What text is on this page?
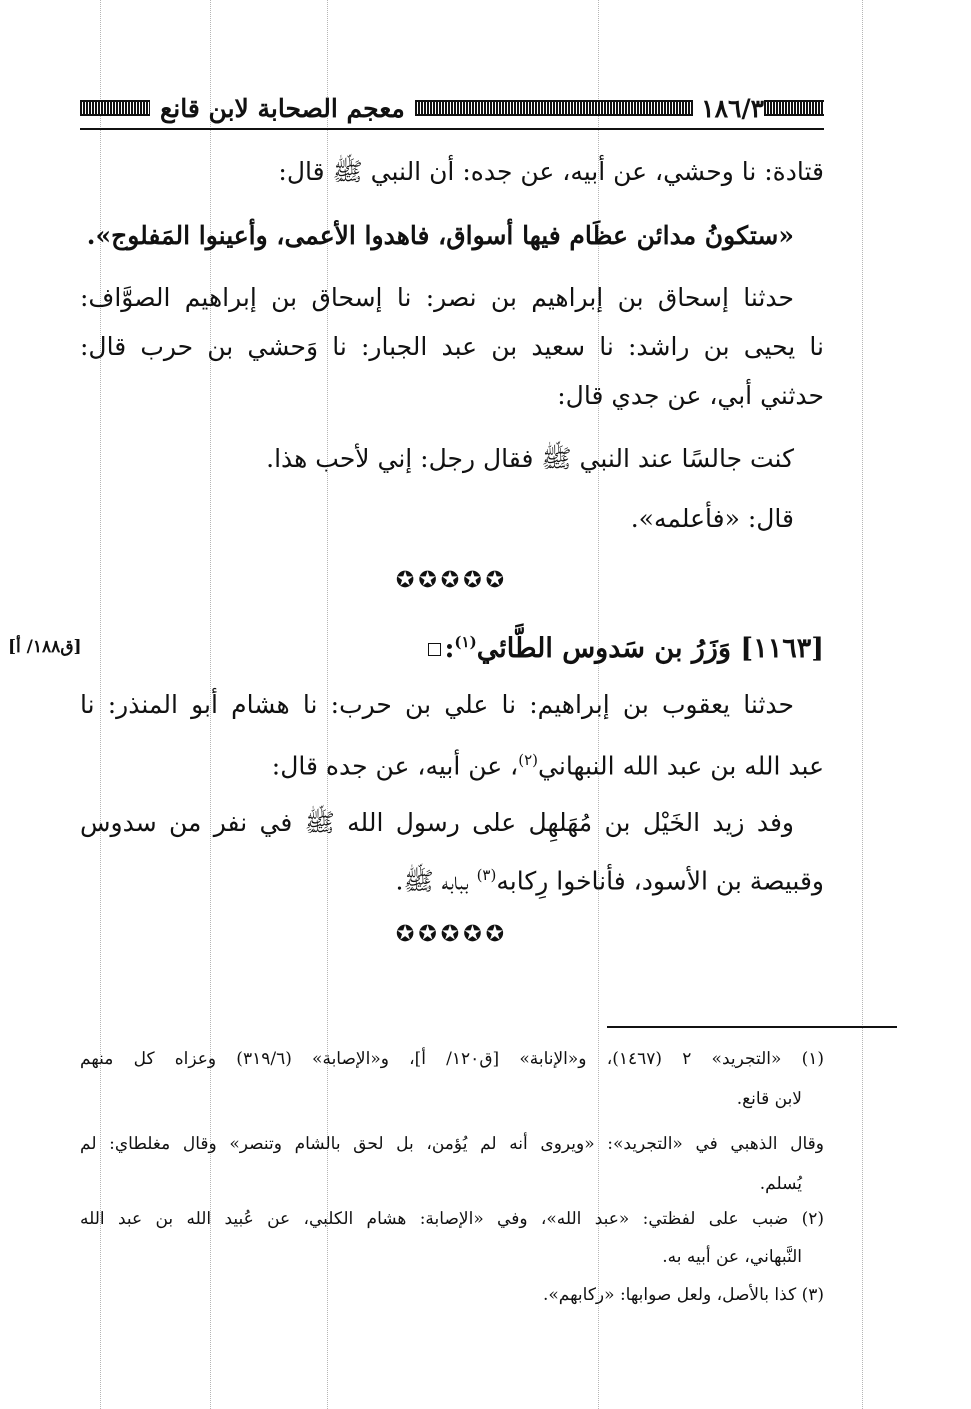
[ق١٨٨/ أ]
١٨٦/٣
معجم الصحابة لابن قانع
قتادة: نا وحشي، عن أبيه، عن جده: أن النبي ﷺ قال:
«ستكونُ مدائن عظَام فيها أسواق، فاهدوا الأعمى، وأعينوا المَفلوج».
حدثنا إسحاق بن إبراهيم بن نصر: نا إسحاق بن إبراهيم الصوَّاف:
نا يحيى بن راشد: نا سعيد بن عبد الجبار: نا وَحشي بن حرب قال:
حدثني أبي، عن جدي قال:
كنت جالسًا عند النبي ﷺ فقال رجل: إني لأحب هذا.
قال: «فأعلمه».
✪✪✪✪✪
[١١٦٣] وَزَرُ بن سَدوس الطَّائي$^{(١)}$:
حدثنا يعقوب بن إبراهيم: نا علي بن حرب: نا هشام أبو المنذر: نا
عبد الله بن عبد الله النبهاني$^{(٢)}$، عن أبيه، عن جده قال:
وفد زيد الخَيْل بن مُهَلهِل على رسول الله ﷺ في نفر من سدوس
وقبيصة بن الأسود، فأناخوا رِكابه$^{(٣)}$ ببابه ﷺ.
✪✪✪✪✪
(١) «التجريد» ٢ (١٤٦٧)، و«الإنابة» [ق١٢٠/ أ]، و«الإصابة» (٣١٩/٦) وعزاه كل منهم
لابن قانع.
وقال الذهبي في «التجريد»: «ويروى أنه لم يُؤمن، بل لحق بالشام وتنصر» وقال مغلطاي: لم
يُسلم.
(٢) ضبب على لفظتي: «عبد الله»، وفي «الإصابة: هشام الكلبي، عن عُبيد الله بن عبد الله
النَّبهاني، عن أبيه به.
(٣) كذا بالأصل، ولعل صوابها: «ركابهم».
